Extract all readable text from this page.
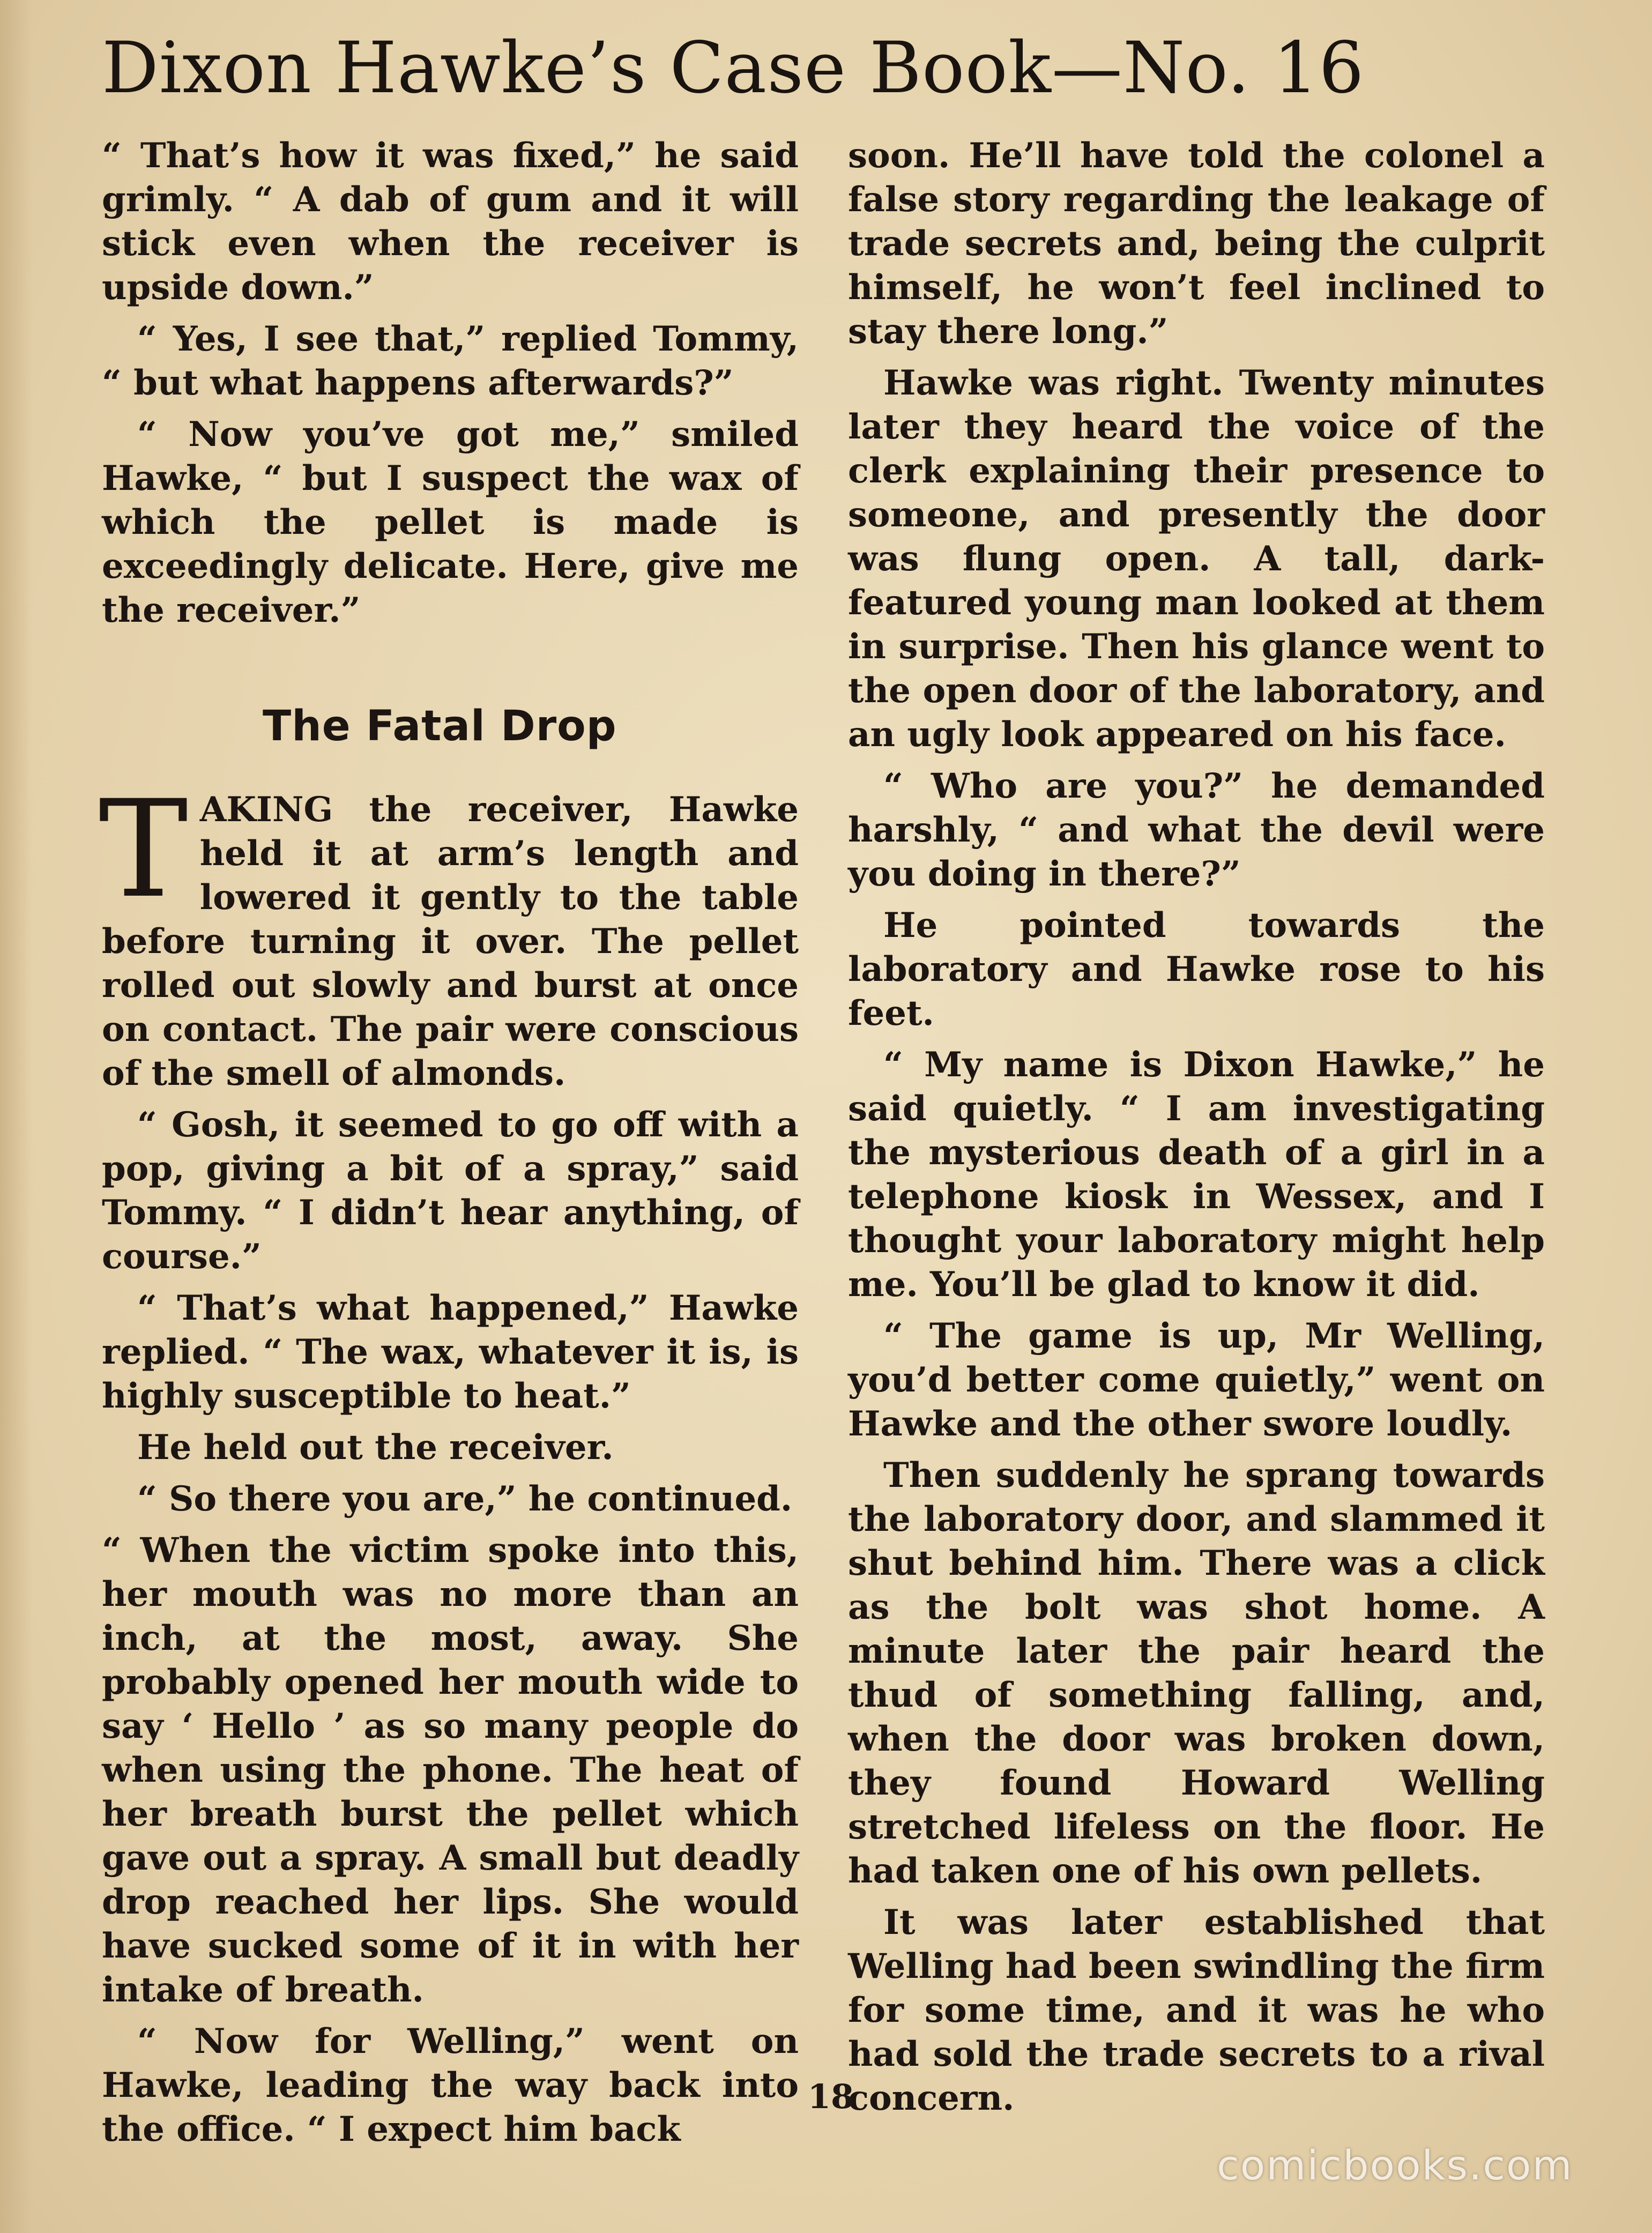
Dixon Hawke’s Case Book—No. 16

“ That’s how it was fixed,” he said grimly. “ A dab of gum and it will stick even when the receiver is upside down.”

“ Yes, I see that,” replied Tommy, “ but what happens afterwards?”

“ Now you’ve got me,” smiled Hawke, “ but I suspect the wax of which the pellet is made is exceedingly delicate. Here, give me the receiver.”

The Fatal Drop

TAKING the receiver, Hawke held it at arm’s length and lowered it gently to the table before turning it over. The pellet rolled out slowly and burst at once on contact. The pair were conscious of the smell of almonds.

“ Gosh, it seemed to go off with a pop, giving a bit of a spray,” said Tommy. “ I didn’t hear anything, of course.”

“ That’s what happened,” Hawke replied. “ The wax, whatever it is, is highly susceptible to heat.”

He held out the receiver.

“ So there you are,” he continued.

“ When the victim spoke into this, her mouth was no more than an inch, at the most, away. She probably opened her mouth wide to say ‘ Hello ’ as so many people do when using the phone. The heat of her breath burst the pellet which gave out a spray. A small but deadly drop reached her lips. She would have sucked some of it in with her intake of breath.

“ Now for Welling,” went on Hawke, leading the way back into the office. “ I expect him back

soon. He’ll have told the colonel a false story regarding the leakage of trade secrets and, being the culprit himself, he won’t feel inclined to stay there long.”

Hawke was right. Twenty minutes later they heard the voice of the clerk explaining their presence to someone, and presently the door was flung open. A tall, dark-featured young man looked at them in surprise. Then his glance went to the open door of the laboratory, and an ugly look appeared on his face.

“ Who are you?” he demanded harshly, “ and what the devil were you doing in there?”

He pointed towards the laboratory and Hawke rose to his feet.

“ My name is Dixon Hawke,” he said quietly. “ I am investigating the mysterious death of a girl in a telephone kiosk in Wessex, and I thought your laboratory might help me. You’ll be glad to know it did.

“ The game is up, Mr Welling, you’d better come quietly,” went on Hawke and the other swore loudly.

Then suddenly he sprang towards the laboratory door, and slammed it shut behind him. There was a click as the bolt was shot home. A minute later the pair heard the thud of something falling, and, when the door was broken down, they found Howard Welling stretched lifeless on the floor. He had taken one of his own pellets.

It was later established that Welling had been swindling the firm for some time, and it was he who had sold the trade secrets to a rival concern.

18
comicbooks.com
